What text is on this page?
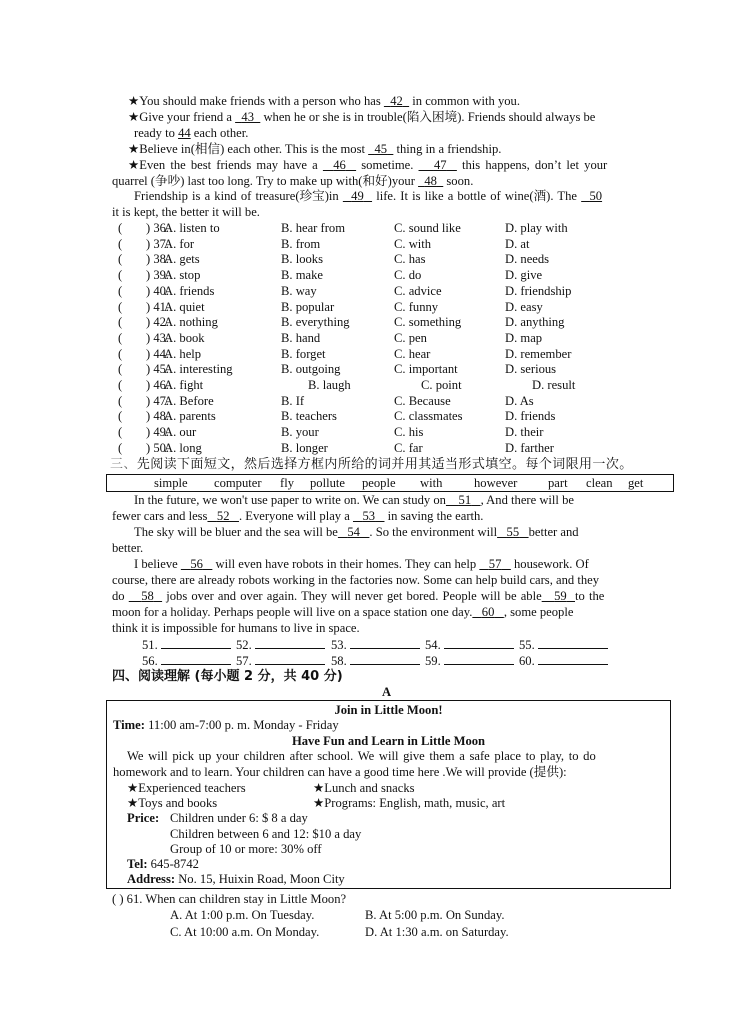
★You should make friends with a person who has   42   in common with you.
★Give your friend a   43   when he or she is in trouble(陷入困境). Friends should always be
ready to 44 each other.
★Believe in(相信) each other. This is the most   45   thing in a friendship.
★Even the best friends may have a   46   sometime.    47   this happens, don’t let your
quarrel (争吵) last too long. Try to make up with(和好)your   48   soon.
Friendship is a kind of treasure(珍宝)in   49   life. It is like a bottle of wine(酒). The   50
it is kept, the better it will be.
( ) 36.
A. listen to	B. hear from	C. sound like	D. play with
( ) 37.
A. for	B. from	C. with	D. at
( ) 38.
A. gets	B. looks	C. has	D. needs
( ) 39.
A. stop	B. make	C. do	D. give
( ) 40.
A. friends	B. way	C. advice	D. friendship
( ) 41.
A. quiet	B. popular	C. funny	D. easy
( ) 42.
A. nothing	B. everything	C. something	D. anything
( ) 43.
A. book	B. hand	C. pen	D. map
( ) 44.
A. help	B. forget	C. hear	D. remember
( ) 45.
A. interesting	B. outgoing	C. important	D. serious
( ) 46.
A. fight	B. laugh	C. point	D. result
( ) 47.
A. Before	B. If	C. Because	D. As
( ) 48.
A. parents	B. teachers	C. classmates	D. friends
( ) 49.
A. our	B. your	C. his	D. their
( ) 50.
A. long	B. longer	C. far	D. farther
三、先阅读下面短文，然后选择方框内所给的词并用其适当形式填空。每个词限用一次。
simple computer fly pollute people with	however part clean get
In the future, we won't use paper to write on. We can study on 51 , And there will be
fewer cars and less 52 . Everyone will play a    53    in saving the earth.
The sky will be bluer and the sea will be 54 . So the environment will 55 better and
better.
I believe    56    will even have robots in their homes. They can help    57    housework. Of
course, there are already robots working in the factories now. Some can help build cars, and they
do    58   jobs over and over again. They will never get bored. People will be able 59 to the
moon for a holiday. Perhaps people will live on a space station one day. 60 , some people
think it is impossible for humans to live in space.
51.	52.	53.	54.	55.
56.	57.	58.	59.	60.
四、阅读理解 (每小题 2 分，共 40 分)
A
Join in Little Moon!
Time: 11:00 am-7:00 p. m. Monday - Friday
Have Fun and Learn in Little Moon
We will pick up your children after school. We will give them a safe place to play, to do
homework and to learn. Your children can have a good time here .We will provide (提供):
★Experienced teachers	★Lunch and snacks
★Toys and books	★Programs: English, math, music, art
Price: Children under 6: $ 8 a day
Children between 6 and 12: $10 a day
Group of 10 or more: 30% off
Tel: 645-8742
Address: No. 15, Huixin Road, Moon City
( ) 61. When can children stay in Little Moon?
A. At 1:00 p.m. On Tuesday.	B. At 5:00 p.m. On Sunday.
C. At 10:00 a.m. On Monday.	D. At 1:30 a.m. on Saturday.
